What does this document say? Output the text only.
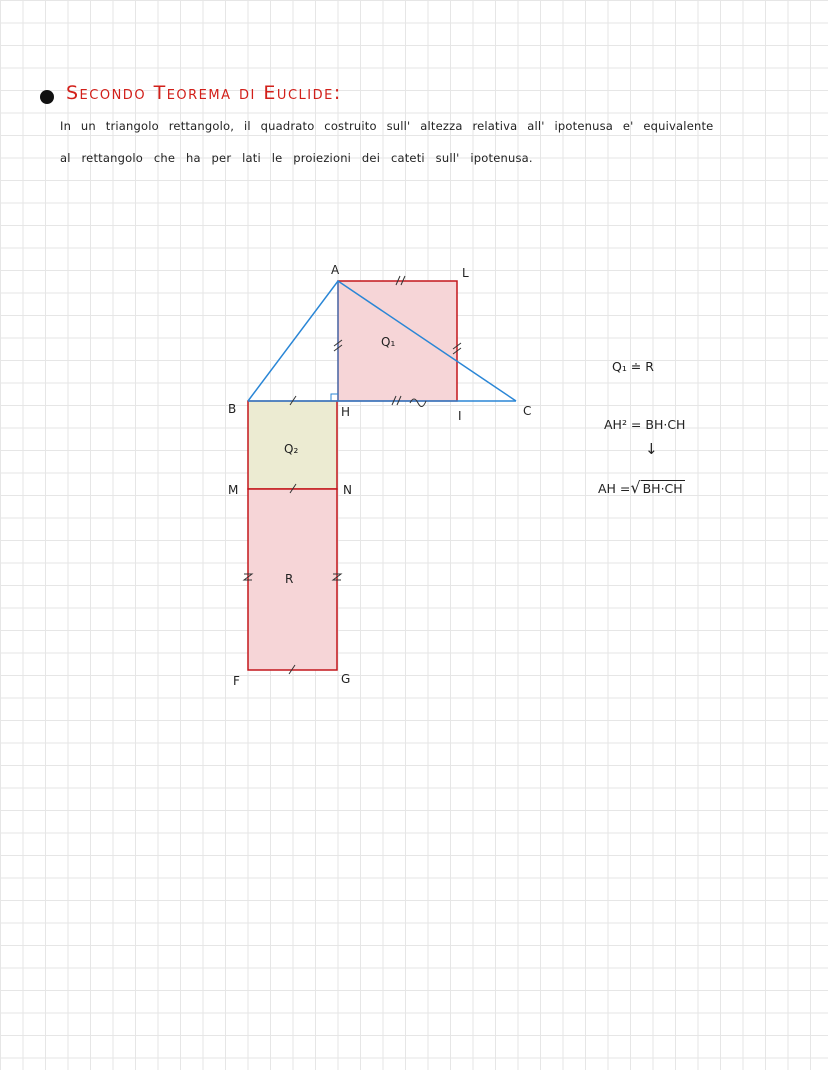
Secondo Teorema di Euclide:
In un triangolo rettangolo, il quadrato costruito sull' altezza relativa all' ipotenusa e' equivalente
al rettangolo che ha per lati le proiezioni dei cateti sull' ipotenusa.
A
B	C
H
L
I
M	N
F	G
Q₁
Q₂
R
Q₁ ≐ R
AH² = BH·CH
↓
AH =√ BH·CH
